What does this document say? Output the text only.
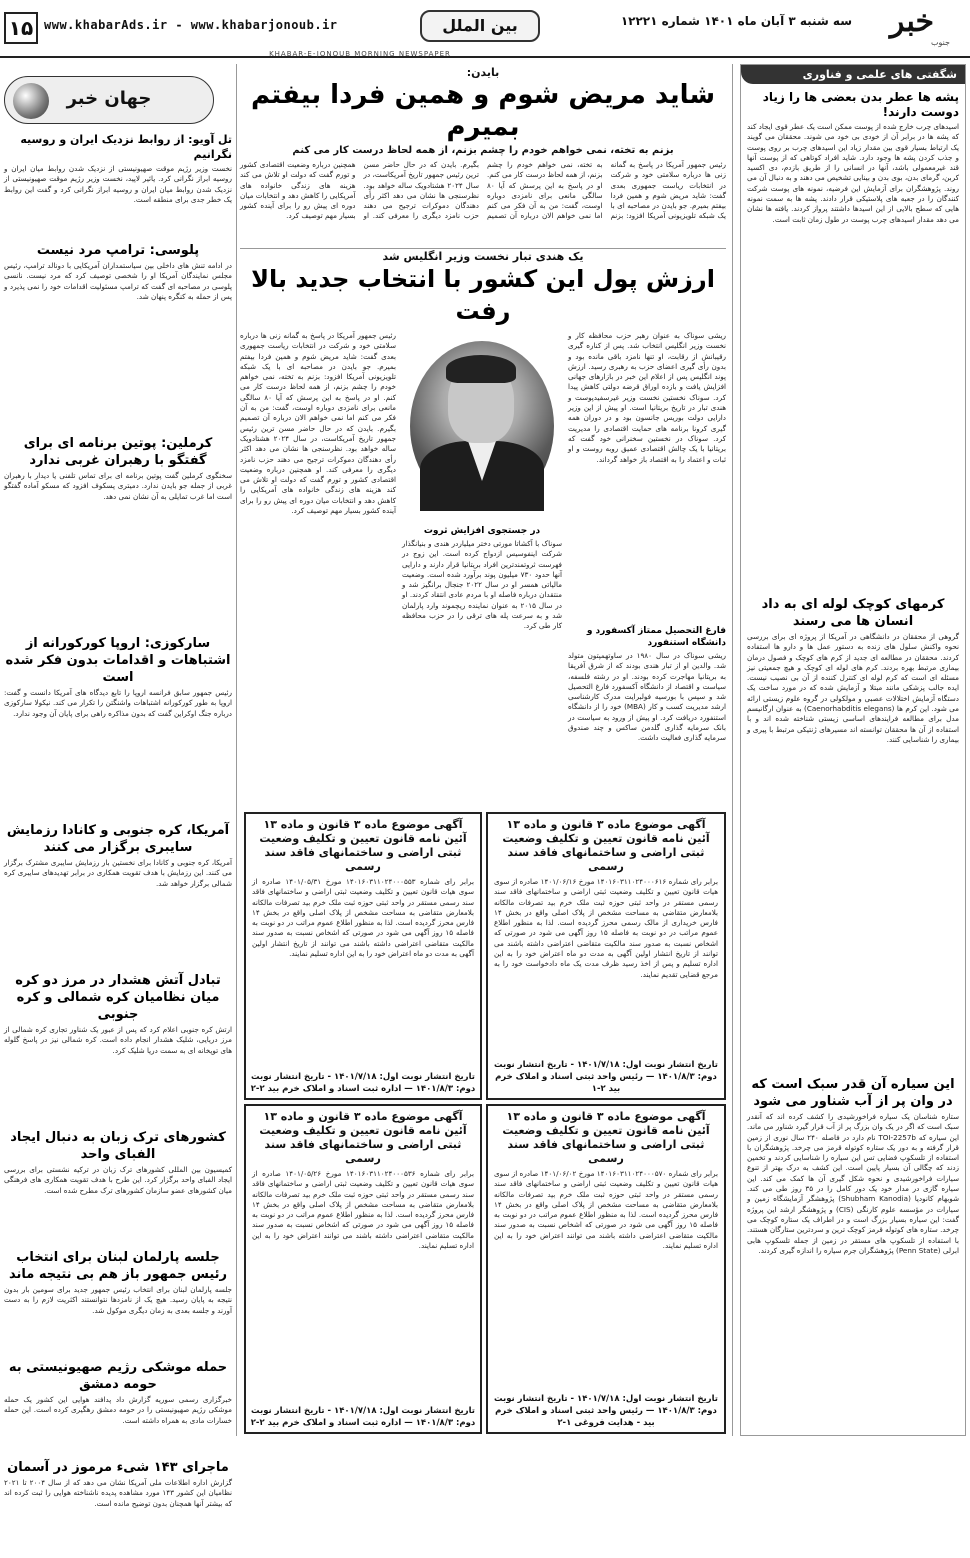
خبر
جنوب
سه شنبه ۳ آبان ماه ۱۴۰۱ شماره ۱۲۲۲۱
بین الملل
www.khabarAds.ir - www.khabarjonoub.ir
۱۵
KHABAR-E-JONOUB MORNING NEWSPAPER
شگفتی های علمی و فناوری
پشه ها عطر بدن بعضی ها را زیاد دوست دارند!
اسیدهای چرب خارج شده از پوست ممکن است یک عطر قوی ایجاد کند که پشه ها در برابر آن از خودی بی خود می شوند. محققان می گویند یک ارتباط بسیار قوی بین مقدار زیاد این اسیدهای چرب بر روی پوست و جذب کردن پشه ها وجود دارد. شاید افراد کوتاهی که از پوست آنها قند غیرمعمولی باشد، آنها در انسانی را از طریق بازدم، دی اکسید کربن، گرمای بدن، بوی بدن و بینایی تشخیص می دهند و به دنبال آن می روند. پژوهشگران برای آزمایش این فرضیه، نمونه های پوست شرکت کنندگان را در جعبه های پلاستیکی قرار دادند. پشه ها به سمت نمونه هایی که سطح بالایی از این اسیدها داشتند پرواز کردند. یافته ها نشان می دهد مقدار اسیدهای چرب پوست در طول زمان ثابت است.
کرمهای کوچک لوله ای به داد انسان ها می رسند
گروهی از محققان در دانشگاهی در آمریکا از پروژه ای برای بررسی نحوه واکنش سلول های زنده به دستور عمل ها و دارو ها استفاده کردند. محققان در مطالعه ای جدید از کرم های کوچک و فصول درمان بیماری مرتبط بهره بردند. کرم های لوله ای کوچک و هیچ جمعیتی نیز مسئله ای است که کرم لوله ای کنترل کننده از آن بی نصیب نیست. ایده جالب پزشکی مانند مبتلا و آزمایش شده که در مورد ساخت یک دستگاه آزمایش اختلالات عصبی و مولکولی در گروه علوم زیستی ارائه می شود. این کرم ها (Caenorhabditis elegans) به عنوان ارگانیسم مدل برای مطالعه فرایندهای اساسی زیستی شناخته شده اند و با استفاده از آن ها محققان توانسته اند مسیرهای ژنتیکی مرتبط با پیری و بیماری را شناسایی کنند.
این سیاره آن قدر سبک است که در وان پر از آب شناور می شود
ستاره شناسان یک سیاره فراخورشیدی را کشف کرده اند که آنقدر سبک است که اگر در یک وان بزرگ پر از آب قرار گیرد شناور می ماند. این سیاره که TOI-2257b نام دارد در فاصله ۲۴۰ سال نوری از زمین قرار گرفته و به دور یک ستاره کوتوله قرمز می چرخد. پژوهشگران با استفاده از تلسکوپ فضایی تس این سیاره را شناسایی کردند و تخمین زدند که چگالی آن بسیار پایین است. این کشف به درک بهتر از تنوع سیارات فراخورشیدی و نحوه شکل گیری آن ها کمک می کند. این سیاره گازی در مدار خود یک دور کامل را در ۳۵ روز طی می کند. شوبهام کانودیا (Shubham Kanodia) پژوهشگر آزمایشگاه زمین و سیارات در مؤسسه علوم کارنگی (CIS) و پژوهشگر ارشد این پروژه گفت: این سیاره بسیار بزرگ است و در اطراف یک ستاره کوچک می چرخد. ستاره های کوتوله قرمز کوچک ترین و سردترین ستارگان هستند. با استفاده از تلسکوپ های مستقر در زمین از جمله تلسکوپ هابی ابرلی (Penn State) پژوهشگران جرم سیاره را اندازه گیری کردند.
بایدن:
شاید مریض شوم و همین فردا بیفتم بمیرم
بزنم به تخته، نمی خواهم خودم را چشم بزنم، از همه لحاظ درست کار می کنم
رئیس جمهور آمریکا در پاسخ به گمانه زنی ها درباره سلامتی خود و شرکت در انتخابات ریاست جمهوری بعدی گفت: شاید مریض شوم و همین فردا بیفتم بمیرم. جو بایدن در مصاحبه ای با یک شبکه تلویزیونی آمریکا افزود: بزنم به تخته، نمی خواهم خودم را چشم بزنم، از همه لحاظ درست کار می کنم. او در پاسخ به این پرسش که آیا ۸۰ سالگی مانعی برای نامزدی دوباره اوست، گفت: من به آن فکر می کنم اما نمی خواهم الان درباره آن تصمیم بگیرم. بایدن که در حال حاضر مسن ترین رئیس جمهور تاریخ آمریکاست، در سال ۲۰۲۴ هشتادویک ساله خواهد بود. نظرسنجی ها نشان می دهد اکثر رأی دهندگان دموکرات ترجیح می دهند حزب نامزد دیگری را معرفی کند. او همچنین درباره وضعیت اقتصادی کشور و تورم گفت که دولت او تلاش می کند هزینه های زندگی خانواده های آمریکایی را کاهش دهد و انتخابات میان دوره ای پیش رو را برای آینده کشور بسیار مهم توصیف کرد.
یک هندی تبار نخست وزیر انگلیس شد
ارزش پول این کشور با انتخاب جدید بالا رفت
ریشی سوناک به عنوان رهبر حزب محافظه کار و نخست وزیر انگلیس انتخاب شد. پس از کناره گیری رقیبانش از رقابت، او تنها نامزد باقی مانده بود و بدون رأی گیری اعضای حزب به رهبری رسید. ارزش پوند انگلیس پس از اعلام این خبر در بازارهای جهانی افزایش یافت و بازده اوراق قرضه دولتی کاهش پیدا کرد. سوناک نخستین نخست وزیر غیرسفیدپوست و هندی تبار در تاریخ بریتانیا است. او پیش از این وزیر دارایی دولت بوریس جانسون بود و در دوران همه گیری کرونا برنامه های حمایت اقتصادی را مدیریت کرد. سوناک در نخستین سخنرانی خود گفت که بریتانیا با یک چالش اقتصادی عمیق روبه روست و او ثبات و اعتماد را به اقتصاد باز خواهد گرداند.
فارغ التحصیل ممتاز آکسفورد و دانشگاه استنفورد
ریشی سوناک در سال ۱۹۸۰ در ساوتهمپتون متولد شد. والدین او از تبار هندی بودند که از شرق آفریقا به بریتانیا مهاجرت کرده بودند. او در رشته فلسفه، سیاست و اقتصاد از دانشگاه آکسفورد فارغ التحصیل شد و سپس با بورسیه فولبرایت مدرک کارشناسی ارشد مدیریت کسب و کار (MBA) خود را از دانشگاه استنفورد دریافت کرد. او پیش از ورود به سیاست در بانک سرمایه گذاری گلدمن ساکس و چند صندوق سرمایه گذاری فعالیت داشت.
در جستجوی افزایش ثروت
سوناک با آکشاتا مورتی دختر میلیاردر هندی و بنیانگذار شرکت اینفوسیس ازدواج کرده است. این زوج در فهرست ثروتمندترین افراد بریتانیا قرار دارند و دارایی آنها حدود ۷۳۰ میلیون پوند برآورد شده است. وضعیت مالیاتی همسر او در سال ۲۰۲۲ جنجال برانگیز شد و منتقدان درباره فاصله او با مردم عادی انتقاد کردند. او در سال ۲۰۱۵ به عنوان نماینده ریچموند وارد پارلمان شد و به سرعت پله های ترقی را در حزب محافظه کار طی کرد.
رئیس جمهور آمریکا در پاسخ به گمانه زنی ها درباره سلامتی خود و شرکت در انتخابات ریاست جمهوری بعدی گفت: شاید مریض شوم و همین فردا بیفتم بمیرم. جو بایدن در مصاحبه ای با یک شبکه تلویزیونی آمریکا افزود: بزنم به تخته، نمی خواهم خودم را چشم بزنم، از همه لحاظ درست کار می کنم. او در پاسخ به این پرسش که آیا ۸۰ سالگی مانعی برای نامزدی دوباره اوست، گفت: من به آن فکر می کنم اما نمی خواهم الان درباره آن تصمیم بگیرم. بایدن که در حال حاضر مسن ترین رئیس جمهور تاریخ آمریکاست، در سال ۲۰۲۴ هشتادویک ساله خواهد بود. نظرسنجی ها نشان می دهد اکثر رأی دهندگان دموکرات ترجیح می دهند حزب نامزد دیگری را معرفی کند. او همچنین درباره وضعیت اقتصادی کشور و تورم گفت که دولت او تلاش می کند هزینه های زندگی خانواده های آمریکایی را کاهش دهد و انتخابات میان دوره ای پیش رو را برای آینده کشور بسیار مهم توصیف کرد.
آگهی موضوع ماده ۳ قانون و ماده ۱۳ آئین نامه قانون تعیین و تکلیف وضعیت ثبتی اراضی و ساختمانهای فاقد سند رسمی
برابر رای شماره ۱۴۰۱۶۰۳۱۱۰۲۴۰۰۰۶۱۶ مورخ ۱۴۰۱/۰۶/۱۶ صادره از سوی هیات قانون تعیین و تکلیف وضعیت ثبتی اراضی و ساختمانهای فاقد سند رسمی مستقر در واحد ثبتی حوزه ثبت ملک خرم بید تصرفات مالکانه بلامعارض متقاضی به مساحت مشخص از پلاک اصلی واقع در بخش ۱۴ فارس خریداری از مالک رسمی محرز گردیده است. لذا به منظور اطلاع عموم مراتب در دو نوبت به فاصله ۱۵ روز آگهی می شود در صورتی که اشخاص نسبت به صدور سند مالکیت متقاضی اعتراضی داشته باشند می توانند از تاریخ انتشار اولین آگهی به مدت دو ماه اعتراض خود را به این اداره تسلیم و پس از اخذ رسید ظرف مدت یک ماه دادخواست خود را به مرجع قضایی تقدیم نمایند.
تاریخ انتشار نوبت اول: ۱۴۰۱/۷/۱۸ - تاریخ انتشار نوبت دوم: ۱۴۰۱/۸/۳ — رئیس واحد ثبتی اسناد و املاک خرم بید ۲-۱
آگهی موضوع ماده ۳ قانون و ماده ۱۳ آئین نامه قانون تعیین و تکلیف وضعیت ثبتی اراضی و ساختمانهای فاقد سند رسمی
برابر رای شماره ۱۴۰۱۶۰۳۱۱۰۲۴۰۰۰۵۵۳ مورخ ۱۴۰۱/۰۵/۳۱ صادره از سوی هیات قانون تعیین و تکلیف وضعیت ثبتی اراضی و ساختمانهای فاقد سند رسمی مستقر در واحد ثبتی حوزه ثبت ملک خرم بید تصرفات مالکانه بلامعارض متقاضی به مساحت مشخص از پلاک اصلی واقع در بخش ۱۴ فارس محرز گردیده است. لذا به منظور اطلاع عموم مراتب در دو نوبت به فاصله ۱۵ روز آگهی می شود در صورتی که اشخاص نسبت به صدور سند مالکیت متقاضی اعتراضی داشته باشند می توانند از تاریخ انتشار اولین آگهی به مدت دو ماه اعتراض خود را به این اداره تسلیم نمایند.
تاریخ انتشار نوبت اول: ۱۴۰۱/۷/۱۸ - تاریخ انتشار نوبت دوم: ۱۴۰۱/۸/۳ — اداره ثبت اسناد و املاک خرم بید ۲-۲
آگهی موضوع ماده ۳ قانون و ماده ۱۳ آئین نامه قانون تعیین و تکلیف وضعیت ثبتی اراضی و ساختمانهای فاقد سند رسمی
برابر رای شماره ۱۴۰۱۶۰۳۱۱۰۲۴۰۰۰۵۷۰ مورخ ۱۴۰۱/۰۶/۰۲ صادره از سوی هیات قانون تعیین و تکلیف وضعیت ثبتی اراضی و ساختمانهای فاقد سند رسمی مستقر در واحد ثبتی حوزه ثبت ملک خرم بید تصرفات مالکانه بلامعارض متقاضی به مساحت مشخص از پلاک اصلی واقع در بخش ۱۴ فارس محرز گردیده است. لذا به منظور اطلاع عموم مراتب در دو نوبت به فاصله ۱۵ روز آگهی می شود در صورتی که اشخاص نسبت به صدور سند مالکیت متقاضی اعتراضی داشته باشند می توانند اعتراض خود را به این اداره تسلیم نمایند.
تاریخ انتشار نوبت اول: ۱۴۰۱/۷/۱۸ - تاریخ انتشار نوبت دوم: ۱۴۰۱/۸/۳ — رئیس واحد ثبتی اسناد و املاک خرم بید - هدایت فروغی ۱-۲
آگهی موضوع ماده ۳ قانون و ماده ۱۳ آئین نامه قانون تعیین و تکلیف وضعیت ثبتی اراضی و ساختمانهای فاقد سند رسمی
برابر رای شماره ۱۴۰۱۶۰۳۱۱۰۲۴۰۰۰۵۳۶ مورخ ۱۴۰۱/۰۵/۲۶ صادره از سوی هیات قانون تعیین و تکلیف وضعیت ثبتی اراضی و ساختمانهای فاقد سند رسمی مستقر در واحد ثبتی حوزه ثبت ملک خرم بید تصرفات مالکانه بلامعارض متقاضی به مساحت مشخص از پلاک اصلی واقع در بخش ۱۴ فارس محرز گردیده است. لذا به منظور اطلاع عموم مراتب در دو نوبت به فاصله ۱۵ روز آگهی می شود در صورتی که اشخاص نسبت به صدور سند مالکیت متقاضی اعتراضی داشته باشند می توانند اعتراض خود را به این اداره تسلیم نمایند.
تاریخ انتشار نوبت اول: ۱۴۰۱/۷/۱۸ - تاریخ انتشار نوبت دوم: ۱۴۰۱/۸/۳ — اداره ثبت اسناد و املاک خرم بید ۲-۲
جهان خبر
تل آویو: از روابط نزدیک ایران و روسیه نگرانیم
نخست وزیر رژیم موقت صهیونیستی از نزدیک شدن روابط میان ایران و روسیه ابراز نگرانی کرد. یائیر لاپید، نخست وزیر رژیم موقت صهیونیستی از نزدیک شدن روابط میان ایران و روسیه ابراز نگرانی کرد و گفت این روابط یک خطر جدی برای منطقه است.
پلوسی: ترامپ مرد نیست
در ادامه تنش های داخلی بین سیاستمداران آمریکایی با دونالد ترامپ، رئیس مجلس نمایندگان آمریکا او را شخصی توصیف کرد که مرد نیست. نانسی پلوسی در مصاحبه ای گفت که ترامپ مسئولیت اقدامات خود را نمی پذیرد و پس از حمله به کنگره پنهان شد.
کرملین: پوتین برنامه ای برای گفتگو با رهبران غربی ندارد
سخنگوی کرملین گفت پوتین برنامه ای برای تماس تلفنی یا دیدار با رهبران غربی از جمله جو بایدن ندارد. دمیتری پسکوف افزود که مسکو آماده گفتگو است اما غرب تمایلی به آن نشان نمی دهد.
سارکوزی: اروپا کورکورانه از اشتباهات و اقدامات بدون فکر شده است
رئیس جمهور سابق فرانسه اروپا را تابع دیدگاه های آمریکا دانست و گفت: اروپا به طور کورکورانه اشتباهات واشنگتن را تکرار می کند. نیکولا سارکوزی درباره جنگ اوکراین گفت که بدون مذاکره راهی برای پایان آن وجود ندارد.
آمریکا، کره جنوبی و کانادا رزمایش سایبری برگزار می کنند
آمریکا، کره جنوبی و کانادا برای نخستین بار رزمایش سایبری مشترک برگزار می کنند. این رزمایش با هدف تقویت همکاری در برابر تهدیدهای سایبری کره شمالی برگزار خواهد شد.
تبادل آتش هشدار در مرز دو کره میان نظامیان کره شمالی و کره جنوبی
ارتش کره جنوبی اعلام کرد که پس از عبور یک شناور تجاری کره شمالی از مرز دریایی، شلیک هشدار انجام داده است. کره شمالی نیز در پاسخ گلوله های توپخانه ای به سمت دریا شلیک کرد.
کشورهای ترک زبان به دنبال ایجاد الفبای واحد
کمیسیون بین المللی کشورهای ترک زبان در ترکیه نشستی برای بررسی ایجاد الفبای واحد برگزار کرد. این طرح با هدف تقویت همکاری های فرهنگی میان کشورهای عضو سازمان کشورهای ترک مطرح شده است.
جلسه پارلمان لبنان برای انتخاب رئیس جمهور باز هم بی نتیجه ماند
جلسه پارلمان لبنان برای انتخاب رئیس جمهور جدید برای سومین بار بدون نتیجه به پایان رسید. هیچ یک از نامزدها نتوانستند اکثریت لازم را به دست آورند و جلسه بعدی به زمان دیگری موکول شد.
حمله موشکی رژیم صهیونیستی به حومه دمشق
خبرگزاری رسمی سوریه گزارش داد پدافند هوایی این کشور یک حمله موشکی رژیم صهیونیستی را در حومه دمشق رهگیری کرده است. این حمله خسارات مادی به همراه داشته است.
ماجرای ۱۴۳ شیء مرموز در آسمان
گزارش اداره اطلاعات ملی آمریکا نشان می دهد که از سال ۲۰۰۴ تا ۲۰۲۱ نظامیان این کشور ۱۴۳ مورد مشاهده پدیده ناشناخته هوایی را ثبت کرده اند که بیشتر آنها همچنان بدون توضیح مانده است.
